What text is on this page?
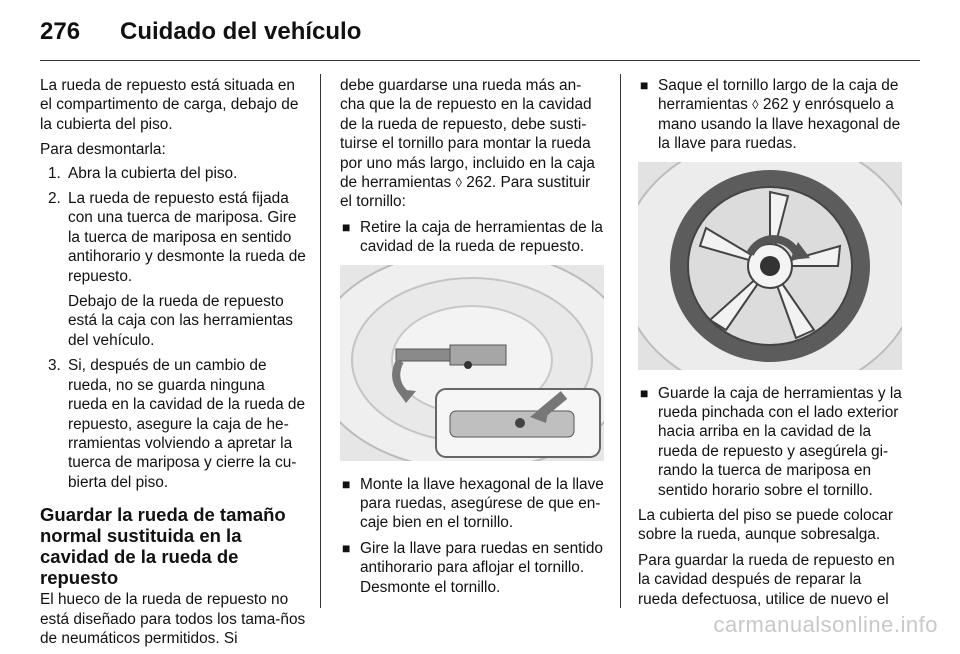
276 Cuidado del vehículo

La rueda de repuesto está situada en el compartimento de carga, debajo de la cubierta del piso.

Para desmontarla:

1. Abra la cubierta del piso.
2. La rueda de repuesto está fijada con una tuerca de mariposa. Gire la tuerca de mariposa en sentido antihorario y desmonte la rueda de repuesto.
Debajo de la rueda de repuesto está la caja con las herramientas del vehículo.
3. Si, después de un cambio de rueda, no se guarda ninguna rueda en la cavidad de la rueda de repuesto, asegure la caja de he-rramientas volviendo a apretar la tuerca de mariposa y cierre la cu-bierta del piso.
Guardar la rueda de tamaño normal sustituida en la cavidad de la rueda de repuesto

El hueco de la rueda de repuesto no está diseñado para todos los tama-ños de neumáticos permitidos. Si

debe guardarse una rueda más an-cha que la de repuesto en la cavidad de la rueda de repuesto, debe susti-tuirse el tornillo para montar la rueda por uno más largo, incluido en la caja de herramientas ◊ 262. Para sustituir el tornillo:

■ Retire la caja de herramientas de la cavidad de la rueda de repuesto.
■ Monte la llave hexagonal de la llave para ruedas, asegúrese de que en-caje bien en el tornillo.
■ Gire la llave para ruedas en sentido antihorario para aflojar el tornillo. Desmonte el tornillo.
■ Saque el tornillo largo de la caja de herramientas ◊ 262 y enrósquelo a mano usando la llave hexagonal de la llave para ruedas.
■ Guarde la caja de herramientas y la rueda pinchada con el lado exterior hacia arriba en la cavidad de la rueda de repuesto y asegúrela gi-rando la tuerca de mariposa en sentido horario sobre el tornillo.

La cubierta del piso se puede colocar sobre la rueda, aunque sobresalga.

Para guardar la rueda de repuesto en la cavidad después de reparar la rueda defectuosa, utilice de nuevo el

carmanualsonline.info
